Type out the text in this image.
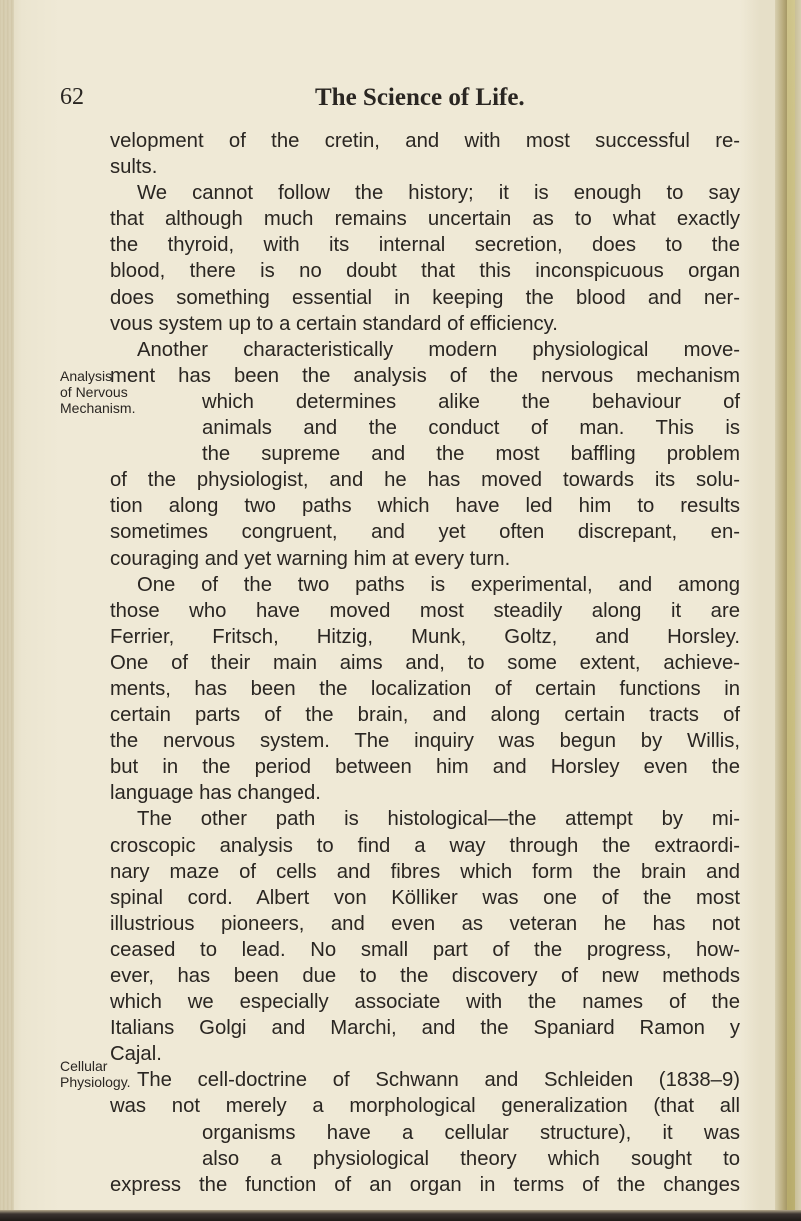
62	The Science of Life.
Analysis
of Nervous
Mechanism.
Cellular
Physiology.
velopment of the cretin, and with most successful re-
sults.
We cannot follow the history; it is enough to say
that although much remains uncertain as to what exactly
the thyroid, with its internal secretion, does to the
blood, there is no doubt that this inconspicuous organ
does something essential in keeping the blood and ner-
vous system up to a certain standard of efficiency.
Another characteristically modern physiological move-
ment has been the analysis of the nervous mechanism
which determines alike the behaviour of
animals and the conduct of man. This is
the supreme and the most baffling problem
of the physiologist, and he has moved towards its solu-
tion along two paths which have led him to results
sometimes congruent, and yet often discrepant, en-
couraging and yet warning him at every turn.
One of the two paths is experimental, and among
those who have moved most steadily along it are
Ferrier, Fritsch, Hitzig, Munk, Goltz, and Horsley.
One of their main aims and, to some extent, achieve-
ments, has been the localization of certain functions in
certain parts of the brain, and along certain tracts of
the nervous system. The inquiry was begun by Willis,
but in the period between him and Horsley even the
language has changed.
The other path is histological—the attempt by mi-
croscopic analysis to find a way through the extraordi-
nary maze of cells and fibres which form the brain and
spinal cord. Albert von Kölliker was one of the most
illustrious pioneers, and even as veteran he has not
ceased to lead. No small part of the progress, how-
ever, has been due to the discovery of new methods
which we especially associate with the names of the
Italians Golgi and Marchi, and the Spaniard Ramon y
Cajal.
The cell-doctrine of Schwann and Schleiden (1838–9)
was not merely a morphological generalization (that all
organisms have a cellular structure), it was
also a physiological theory which sought to
express the function of an organ in terms of the changes
